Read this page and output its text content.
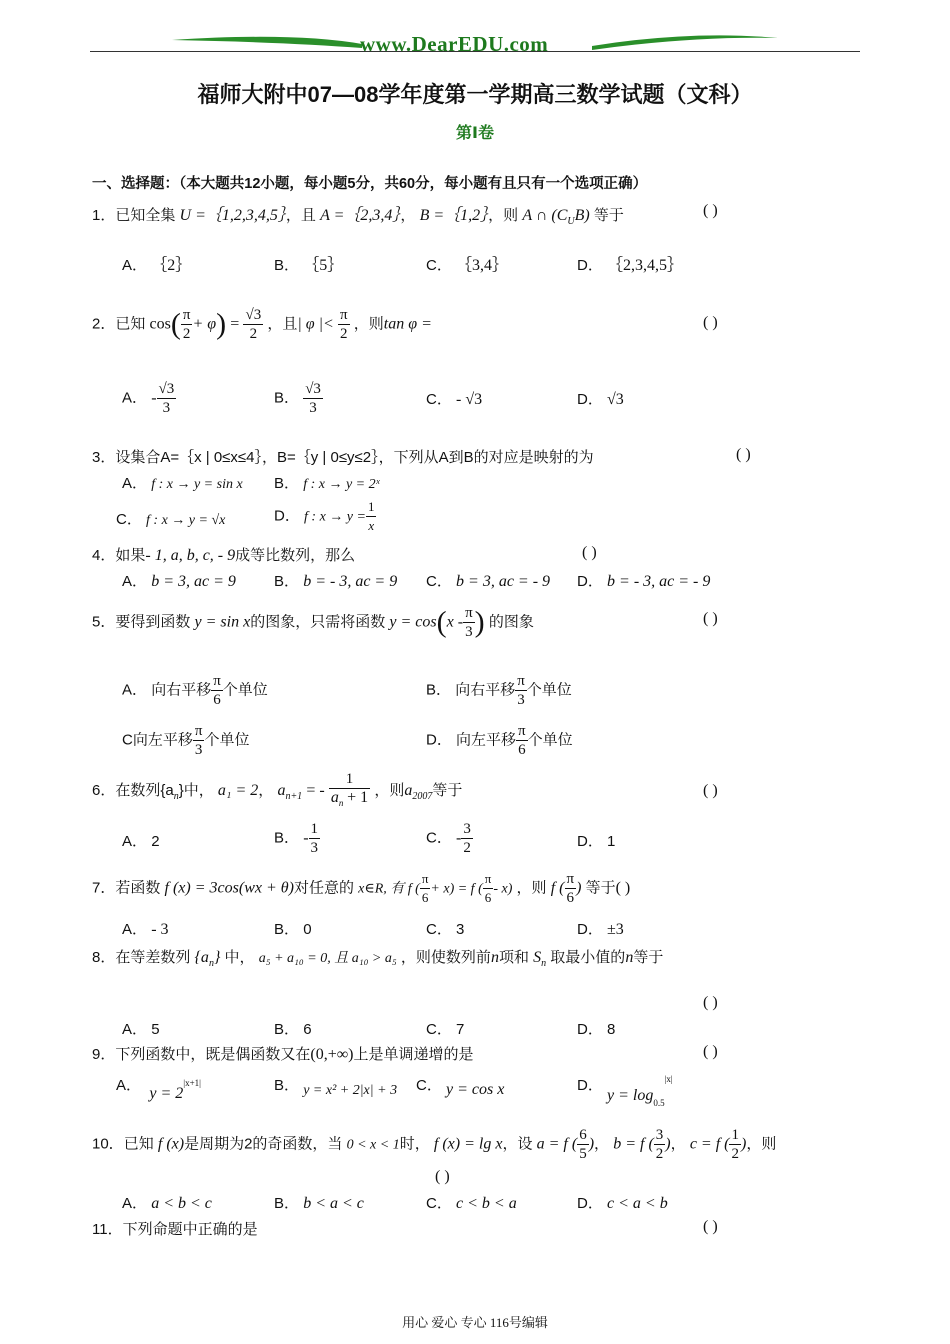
www.DearEDU.com
福师大附中07—08学年度第一学期高三数学试题（文科）
第Ⅰ卷
一、选择题：（本大题共12小题，每小题5分，共60分，每小题有且只有一个选项正确）
1．已知全集 U =｛1,2,3,4,5｝，且 A =｛2,3,4｝， B =｛1,2｝，则 A ∩ $(C_UB)$ 等于	( )
A． ｛2｝	B． ｛5｝	C． ｛3,4｝	D． ｛2,3,4,5｝
2．已知 $\cos( \frac{\pi}{2} + \varphi) = \frac{√3}{2}$ ，且| φ |< $\frac{\pi}{2}$ ，则tan φ =	( )
A． - $\frac{√3}{3}$	B． $\frac{√3}{3}$	C． - √3	D． √3
3．设集合A=｛x | 0≤x≤4｝，B=｛y | 0≤y≤2｝，下列从A到B的对应是映射的为	( )
A． f : x → y = sin x B． f : x → y = 2ˣ
C． f : x → y = √x	D． f : $x \to y = \frac{1}{x}$
4．如果- 1, a, b, c, - 9成等比数列，那么	( )
A． b = 3, ac = 9	B． b = - 3, ac = 9 C． b = 3, ac = - 9 D． b = - 3, ac = - 9
5．要得到函数 y = sin x的图象，只需将函数 $y = \cos(x - \frac{\pi}{3}$ ) 的图象	( )
A． 向右平移 $\frac{\pi}{6}$ 个单位	B． 向右平移 $\frac{\pi}{3}$ 个单位
C向左平移 $\frac{\pi}{3}$ 个单位	D． 向左平移 $\frac{\pi}{6}$ 个单位
6．在数列$\{a_n\}$中， a₁ = 2， $a_{n+1}$ = - $\frac{1}{a_n + 1}$ ，则$a_{2007}$等于	( )
A． 2	B． - $\frac{1}{3}$	C． - $\frac{3}{2}$	D． 1
7．若函数 f (x) = 3cos(wx + θ)对任意的 x∈R, 有 f ( $\frac{\pi}{6} + x) = f$ ( $\frac{\pi}{6} - x$) ，则 f ( $\frac{\pi}{6}$ ) 等于( )
A． - 3	B． 0	C． 3	D． ±3
8．在等差数列 $\{a_n\}$ 中， a₅ + a₁₀ = 0, 且 a₁₀ > a₅ ，则使数列前n项和 $S_n$ 取最小值的n等于
( )
A． 5	B． 6	C． 7	D． 8
9．下列函数中，既是偶函数又在(0,+∞)上是单调递增的是	( )
A． $y = 2^{|x+1|}$	B． y = x² + 2|x| + 3 C． y = cos x	D． $y = \log_{0.5}^{|x|}$
10．已知 f (x)是周期为2的奇函数，当 0 < x < 1时， f (x) = lg x，设 a = f ( $\frac{6}{5}$ )， b = f ( $\frac{3}{2}$ )， c = f ( $\frac{1}{2}$ )，则
( )
A． a < b < c	B． b < a < c	C． c < b < a	D． c < a < b
11．下列命题中正确的是	( )
用心 爱心 专心 116号编辑
